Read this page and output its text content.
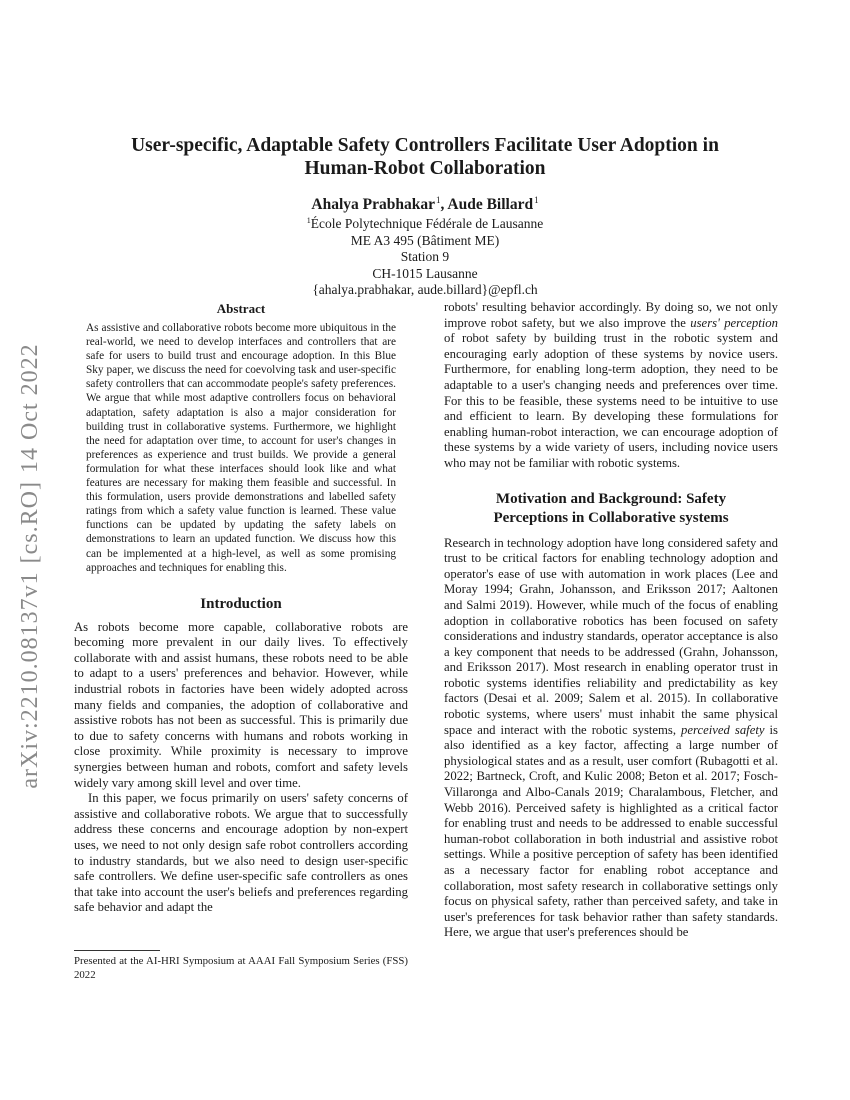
arXiv:2210.08137v1
[cs.RO]
14 Oct 2022
User-specific, Adaptable Safety Controllers Facilitate User Adoption in Human-Robot Collaboration
Ahalya Prabhakar$^1$, Aude Billard$^1$
$^1$École Polytechnique Fédérale de Lausanne
ME A3 495 (Bâtiment ME)
Station 9
CH-1015 Lausanne
{ahalya.prabhakar, aude.billard}@epfl.ch
Abstract

As assistive and collaborative robots become more ubiquitous in the real-world, we need to develop interfaces and controllers that are safe for users to build trust and encourage adoption. In this Blue Sky paper, we discuss the need for coevolving task and user-specific safety controllers that can accommodate people's safety preferences. We argue that while most adaptive controllers focus on behavioral adaptation, safety adaptation is also a major consideration for building trust in collaborative systems. Furthermore, we highlight the need for adaptation over time, to account for user's changes in preferences as experience and trust builds. We provide a general formulation for what these interfaces should look like and what features are necessary for making them feasible and successful. In this formulation, users provide demonstrations and labelled safety ratings from which a safety value function is learned. These value functions can be updated by updating the safety labels on demonstrations to learn an updated function. We discuss how this can be implemented at a high-level, as well as some promising approaches and techniques for enabling this.

Introduction

As robots become more capable, collaborative robots are becoming more prevalent in our daily lives. To effectively collaborate with and assist humans, these robots need to be able to adapt to a users' preferences and behavior. However, while industrial robots in factories have been widely adopted across many fields and companies, the adoption of collaborative and assistive robots has not been as successful. This is primarily due to due to safety concerns with humans and robots working in close proximity. While proximity is necessary to improve synergies between human and robots, comfort and safety levels widely vary among skill level and over time.

In this paper, we focus primarily on users' safety concerns of assistive and collaborative robots. We argue that to successfully address these concerns and encourage adoption by non-expert uses, we need to not only design safe robot controllers according to industry standards, but we also need to design user-specific safe controllers. We define user-specific safe controllers as ones that take into account the user's beliefs and preferences regarding safe behavior and adapt the

Presented at the AI-HRI Symposium at AAAI Fall Symposium Series (FSS) 2022

robots' resulting behavior accordingly. By doing so, we not only improve robot safety, but we also improve the users' perception of robot safety by building trust in the robotic system and encouraging early adoption of these systems by novice users. Furthermore, for enabling long-term adoption, they need to be adaptable to a user's changing needs and preferences over time. For this to be feasible, these systems need to be intuitive to use and efficient to learn. By developing these formulations for enabling human-robot interaction, we can encourage adoption of these systems by a wide variety of users, including novice users who may not be familiar with robotic systems.

Motivation and Background: Safety
Perceptions in Collaborative systems

Research in technology adoption have long considered safety and trust to be critical factors for enabling technology adoption and operator's ease of use with automation in work places (Lee and Moray 1994; Grahn, Johansson, and Eriksson 2017; Aaltonen and Salmi 2019). However, while much of the focus of enabling adoption in collaborative robotics has been focused on safety considerations and industry standards, operator acceptance is also a key component that needs to be addressed (Grahn, Johansson, and Eriksson 2017). Most research in enabling operator trust in robotic systems identifies reliability and predictability as key factors (Desai et al. 2009; Salem et al. 2015). In collaborative robotic systems, where users' must inhabit the same physical space and interact with the robotic systems, perceived safety is also identified as a key factor, affecting a large number of physiological states and as a result, user comfort (Rubagotti et al. 2022; Bartneck, Croft, and Kulic 2008; Beton et al. 2017; Fosch-Villaronga and Albo-Canals 2019; Charalambous, Fletcher, and Webb 2016). Perceived safety is highlighted as a critical factor for enabling trust and needs to be addressed to enable successful human-robot collaboration in both industrial and assistive robot settings. While a positive perception of safety has been identified as a necessary factor for enabling robot acceptance and collaboration, most safety research in collaborative settings only focus on physical safety, rather than perceived safety, and take in user's preferences for task behavior rather than safety standards. Here, we argue that user's preferences should be
